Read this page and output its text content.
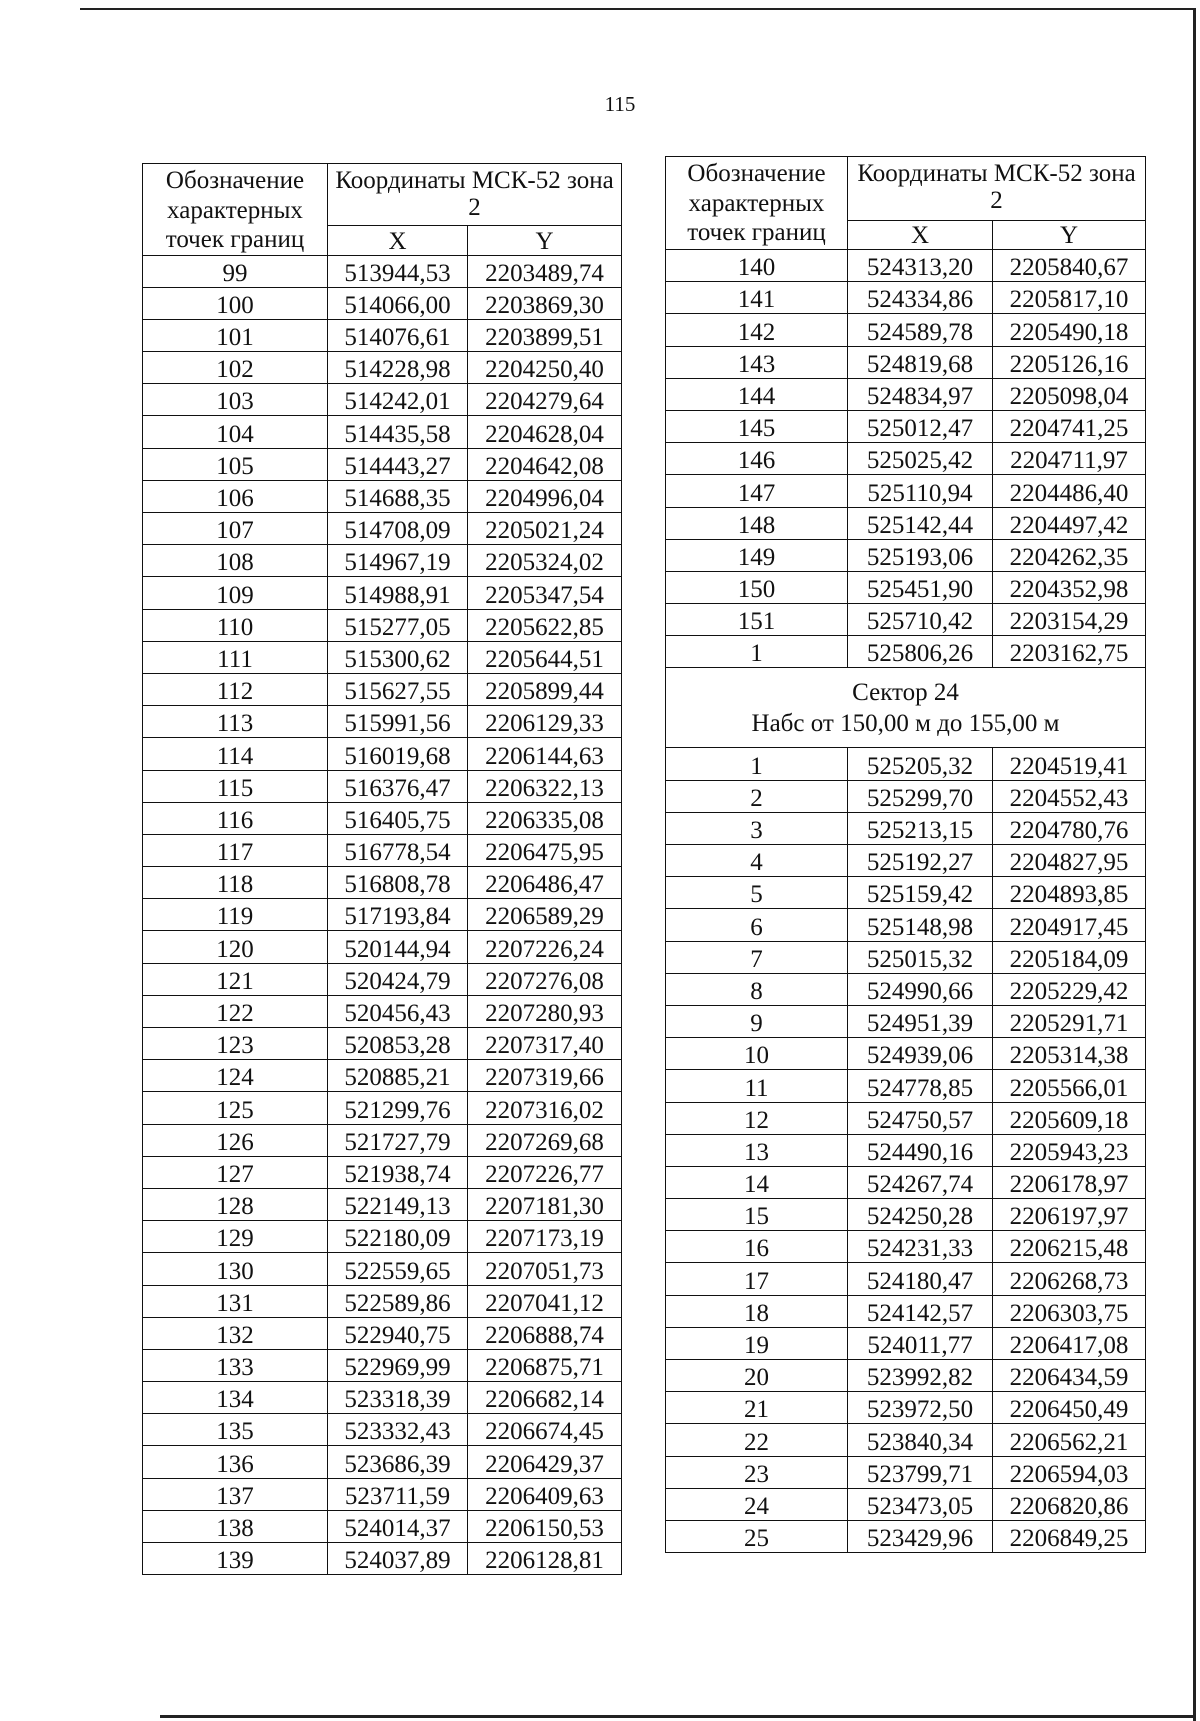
115
Обозначение характерных точек границ	Координаты МСК-52 зона 2	
	X	Y
99	513944,53	2203489,74
100	514066,00	2203869,30
101	514076,61	2203899,51
102	514228,98	2204250,40
103	514242,01	2204279,64
104	514435,58	2204628,04
105	514443,27	2204642,08
106	514688,35	2204996,04
107	514708,09	2205021,24
108	514967,19	2205324,02
109	514988,91	2205347,54
110	515277,05	2205622,85
111	515300,62	2205644,51
112	515627,55	2205899,44
113	515991,56	2206129,33
114	516019,68	2206144,63
115	516376,47	2206322,13
116	516405,75	2206335,08
117	516778,54	2206475,95
118	516808,78	2206486,47
119	517193,84	2206589,29
120	520144,94	2207226,24
121	520424,79	2207276,08
122	520456,43	2207280,93
123	520853,28	2207317,40
124	520885,21	2207319,66
125	521299,76	2207316,02
126	521727,79	2207269,68
127	521938,74	2207226,77
128	522149,13	2207181,30
129	522180,09	2207173,19
130	522559,65	2207051,73
131	522589,86	2207041,12
132	522940,75	2206888,74
133	522969,99	2206875,71
134	523318,39	2206682,14
135	523332,43	2206674,45
136	523686,39	2206429,37
137	523711,59	2206409,63
138	524014,37	2206150,53
139	524037,89	2206128,81
Обозначение характерных точек границ	Координаты МСК-52 зона 2	
	X	Y
140	524313,20	2205840,67
141	524334,86	2205817,10
142	524589,78	2205490,18
143	524819,68	2205126,16
144	524834,97	2205098,04
145	525012,47	2204741,25
146	525025,42	2204711,97
147	525110,94	2204486,40
148	525142,44	2204497,42
149	525193,06	2204262,35
150	525451,90	2204352,98
151	525710,42	2203154,29
1	525806,26	2203162,75

Сектор 24
Набс от 150,00 м до 155,00 м		

1	525205,32	2204519,41
2	525299,70	2204552,43
3	525213,15	2204780,76
4	525192,27	2204827,95
5	525159,42	2204893,85
6	525148,98	2204917,45
7	525015,32	2205184,09
8	524990,66	2205229,42
9	524951,39	2205291,71
10	524939,06	2205314,38
11	524778,85	2205566,01
12	524750,57	2205609,18
13	524490,16	2205943,23
14	524267,74	2206178,97
15	524250,28	2206197,97
16	524231,33	2206215,48
17	524180,47	2206268,73
18	524142,57	2206303,75
19	524011,77	2206417,08
20	523992,82	2206434,59
21	523972,50	2206450,49
22	523840,34	2206562,21
23	523799,71	2206594,03
24	523473,05	2206820,86
25	523429,96	2206849,25
